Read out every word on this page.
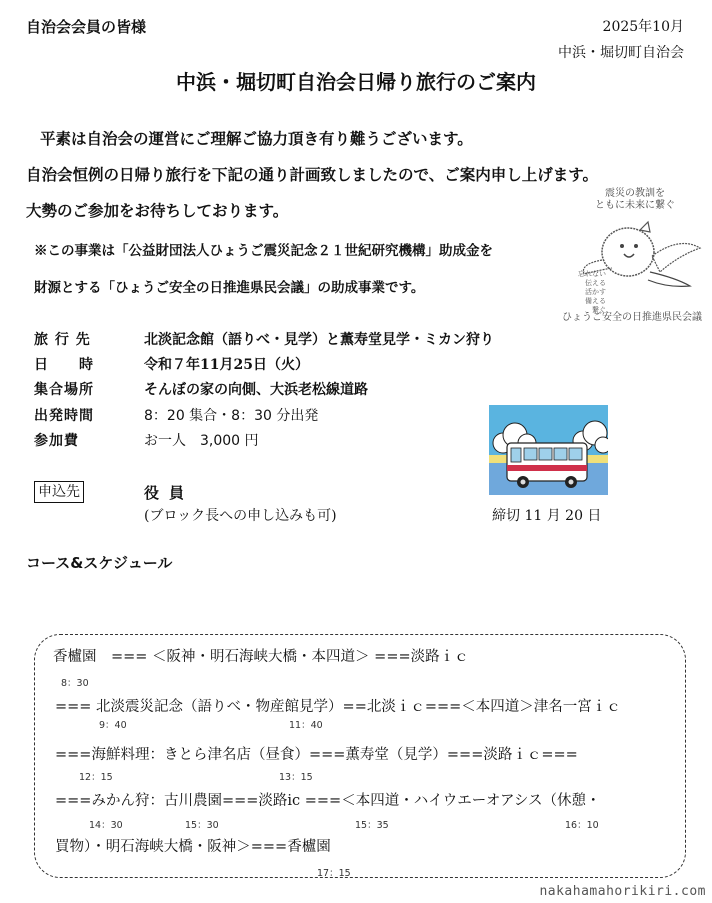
自治会会員の皆様	2025年10月
中浜・堀切町自治会
中浜・堀切町自治会日帰り旅行のご案内
平素は自治会の運営にご理解ご協力頂き有り難うございます。
自治会恒例の日帰り旅行を下記の通り計画致しましたので、ご案内申し上げます。
大勢のご参加をお待ちしております。
※この事業は「公益財団法人ひょうご震災記念２１世紀研究機構」助成金を
財源とする「ひょうご安全の日推進県民会議」の助成事業です。
震災の教訓を
ともに未来に繋ぐ
忘れない
伝える
活かす
備える
繋ぐ
ひょうご安全の日推進県民会議
旅 行 先	北淡記念館（語りべ・見学）と薫寿堂見学・ミカン狩り
日　　時	令和７年11月25日（火）
集合場所	そんぼの家の向側、大浜老松線道路
出発時間	8：20 集合・8：30 分出発
参加費	お一人　3,000 円
申込先	役員
(ブロック長への申し込みも可)	締切 11 月 20 日
コース&スケジュール
香櫨園　=== ＜阪神・明石海峡大橋・本四道＞ ===淡路ｉｃ
8：30
=== 北淡震災記念（語りべ・物産館見学）==北淡ｉｃ===＜本四道＞津名一宮ｉｃ
9：40	11：40
===海鮮料理：きとら津名店（昼食）===薫寿堂（見学）===淡路ｉｃ===
12：15	13：15
===みかん狩：古川農園===淡路ic ===＜本四道・ハイウエーオアシス（休憩・
14：30	15：30	15：35	16：10
買物）・明石海峡大橋・阪神＞===香櫨園
17：15
nakahamahorikiri.com
